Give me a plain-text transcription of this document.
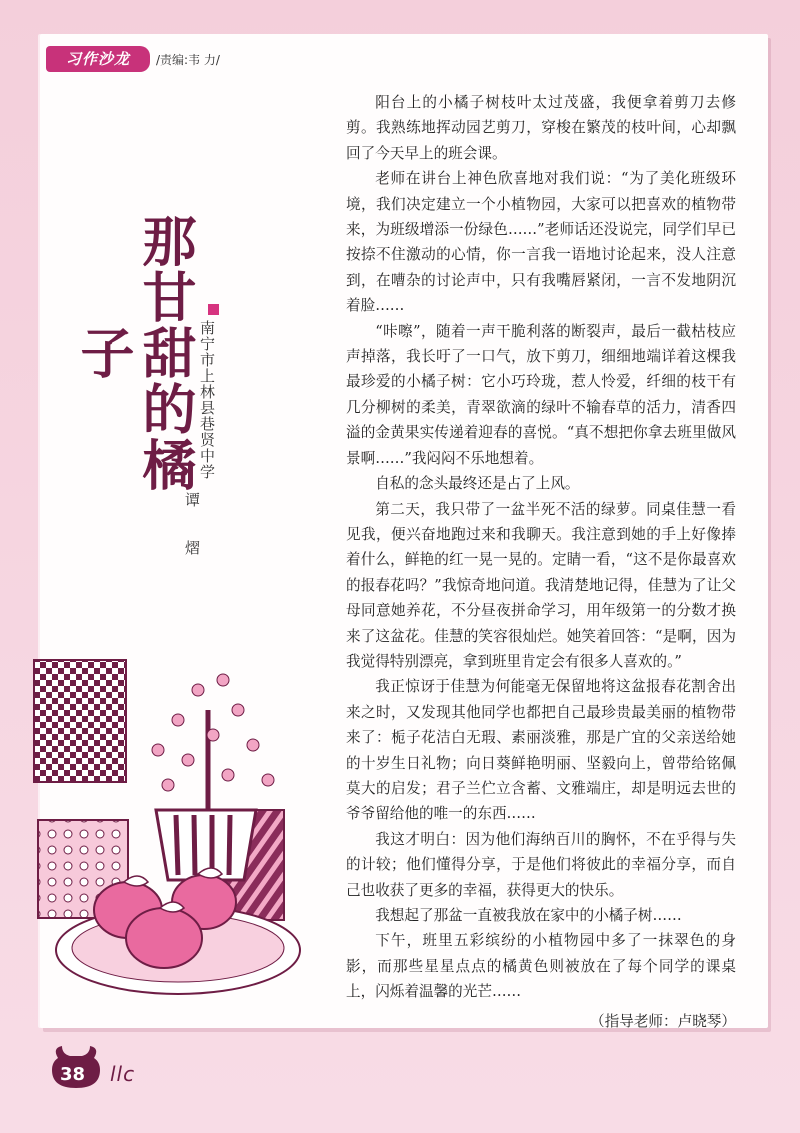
习作沙龙	/责编:韦 力/
那甘甜的橘子	南宁市上林县巷贤中学
谭 熠

阳台上的小橘子树枝叶太过茂盛，我便拿着剪刀去修剪。我熟练地挥动园艺剪刀，穿梭在繁茂的枝叶间，心却飘回了今天早上的班会课。

老师在讲台上神色欣喜地对我们说：“为了美化班级环境，我们决定建立一个小植物园，大家可以把喜欢的植物带来，为班级增添一份绿色……”老师话还没说完，同学们早已按捺不住激动的心情，你一言我一语地讨论起来，没人注意到，在嘈杂的讨论声中，只有我嘴唇紧闭，一言不发地阴沉着脸……

“咔嚓”，随着一声干脆利落的断裂声，最后一截枯枝应声掉落，我长吁了一口气，放下剪刀，细细地端详着这棵我最珍爱的小橘子树：它小巧玲珑，惹人怜爱，纤细的枝干有几分柳树的柔美，青翠欲滴的绿叶不输春草的活力，清香四溢的金黄果实传递着迎春的喜悦。“真不想把你拿去班里做风景啊……”我闷闷不乐地想着。

自私的念头最终还是占了上风。

第二天，我只带了一盆半死不活的绿萝。同桌佳慧一看见我，便兴奋地跑过来和我聊天。我注意到她的手上好像捧着什么，鲜艳的红一晃一晃的。定睛一看，“这不是你最喜欢的报春花吗？”我惊奇地问道。我清楚地记得，佳慧为了让父母同意她养花，不分昼夜拼命学习，用年级第一的分数才换来了这盆花。佳慧的笑容很灿烂。她笑着回答：“是啊，因为我觉得特别漂亮，拿到班里肯定会有很多人喜欢的。”

我正惊讶于佳慧为何能毫无保留地将这盆报春花割舍出来之时，又发现其他同学也都把自己最珍贵最美丽的植物带来了：栀子花洁白无瑕、素丽淡雅，那是广宜的父亲送给她的十岁生日礼物；向日葵鲜艳明丽、坚毅向上，曾带给铭佩莫大的启发；君子兰伫立含蓄、文雅端庄，却是明远去世的爷爷留给他的唯一的东西……

我这才明白：因为他们海纳百川的胸怀，不在乎得与失的计较；他们懂得分享，于是他们将彼此的幸福分享，而自己也收获了更多的幸福，获得更大的快乐。

我想起了那盆一直被我放在家中的小橘子树……

下午，班里五彩缤纷的小植物园中多了一抹翠色的身影，而那些星星点点的橘黄色则被放在了每个同学的课桌上，闪烁着温馨的光芒……

（指导老师：卢晓琴）

38 llc
